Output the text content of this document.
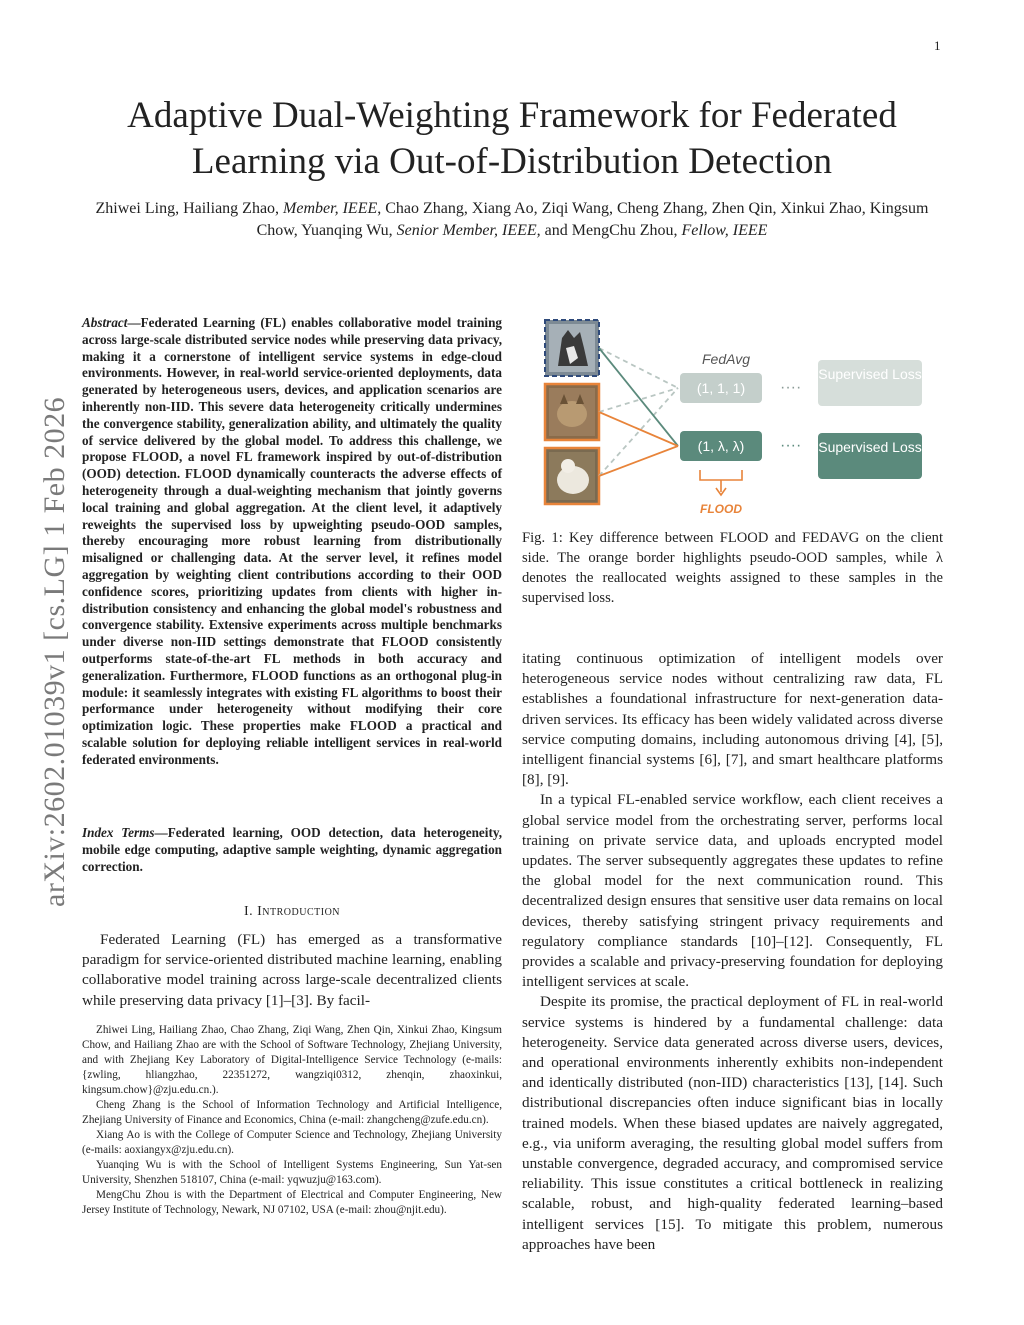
1
arXiv:2602.01039v1 [cs.LG] 1 Feb 2026
Adaptive Dual-Weighting Framework for Federated Learning via Out-of-Distribution Detection
Zhiwei Ling, Hailiang Zhao, Member, IEEE, Chao Zhang, Xiang Ao, Ziqi Wang, Cheng Zhang, Zhen Qin, Xinkui Zhao, Kingsum Chow, Yuanqing Wu, Senior Member, IEEE, and MengChu Zhou, Fellow, IEEE
Abstract—Federated Learning (FL) enables collaborative model training across large-scale distributed service nodes while preserving data privacy, making it a cornerstone of intelligent service systems in edge-cloud environments. However, in real-world service-oriented deployments, data generated by heterogeneous users, devices, and application scenarios are inherently non-IID. This severe data heterogeneity critically undermines the convergence stability, generalization ability, and ultimately the quality of service delivered by the global model. To address this challenge, we propose FLOOD, a novel FL framework inspired by out-of-distribution (OOD) detection. FLOOD dynamically counteracts the adverse effects of heterogeneity through a dual-weighting mechanism that jointly governs local training and global aggregation. At the client level, it adaptively reweights the supervised loss by upweighting pseudo-OOD samples, thereby encouraging more robust learning from distributionally misaligned or challenging data. At the server level, it refines model aggregation by weighting client contributions according to their OOD confidence scores, prioritizing updates from clients with higher in-distribution consistency and enhancing the global model's robustness and convergence stability. Extensive experiments across multiple benchmarks under diverse non-IID settings demonstrate that FLOOD consistently outperforms state-of-the-art FL methods in both accuracy and generalization. Furthermore, FLOOD functions as an orthogonal plug-in module: it seamlessly integrates with existing FL algorithms to boost their performance under heterogeneity without modifying their core optimization logic. These properties make FLOOD a practical and scalable solution for deploying reliable intelligent services in real-world federated environments.
Index Terms—Federated learning, OOD detection, data heterogeneity, mobile edge computing, adaptive sample weighting, dynamic aggregation correction.
I. Introduction

Federated Learning (FL) has emerged as a transformative paradigm for service-oriented distributed machine learning, enabling collaborative model training across large-scale decentralized clients while preserving data privacy [1]–[3]. By facil-

Zhiwei Ling, Hailiang Zhao, Chao Zhang, Ziqi Wang, Zhen Qin, Xinkui Zhao, Kingsum Chow, and Hailiang Zhao are with the School of Software Technology, Zhejiang University, and with Zhejiang Key Laboratory of Digital-Intelligence Service Technology (e-mails: {zwling, hliangzhao, 22351272, wangziqi0312, zhenqin, zhaoxinkui, kingsum.chow}@zju.edu.cn.).

Cheng Zhang is the School of Information Technology and Artificial Intelligence, Zhejiang University of Finance and Economics, China (e-mail: zhangcheng@zufe.edu.cn).

Xiang Ao is with the College of Computer Science and Technology, Zhejiang University (e-mails: aoxiangyx@zju.edu.cn).

Yuanqing Wu is with the School of Intelligent Systems Engineering, Sun Yat-sen University, Shenzhen 518107, China (e-mail: yqwuzju@163.com).

MengChu Zhou is with the Department of Electrical and Computer Engineering, New Jersey Institute of Technology, Newark, NJ 07102, USA (e-mail: zhou@njit.edu).

FedAvg
(1, 1, 1)
(1, λ, λ)
····
····
Supervised Loss
Supervised Loss
FLOOD
Fig. 1: Key difference between FLOOD and FEDAVG on the client side. The orange border highlights pseudo-OOD samples, while λ denotes the reallocated weights assigned to these samples in the supervised loss.

itating continuous optimization of intelligent models over heterogeneous service nodes without centralizing raw data, FL establishes a foundational infrastructure for next-generation data-driven services. Its efficacy has been widely validated across diverse service computing domains, including autonomous driving [4], [5], intelligent financial systems [6], [7], and smart healthcare platforms [8], [9].

In a typical FL-enabled service workflow, each client receives a global service model from the orchestrating server, performs local training on private service data, and uploads encrypted model updates. The server subsequently aggregates these updates to refine the global model for the next communication round. This decentralized design ensures that sensitive user data remains on local devices, thereby satisfying stringent privacy requirements and regulatory compliance standards [10]–[12]. Consequently, FL provides a scalable and privacy-preserving foundation for deploying intelligent services at scale.

Despite its promise, the practical deployment of FL in real-world service systems is hindered by a fundamental challenge: data heterogeneity. Service data generated across diverse users, devices, and operational environments inherently exhibits non-independent and identically distributed (non-IID) characteristics [13], [14]. Such distributional discrepancies often induce significant bias in locally trained models. When these biased updates are naively aggregated, e.g., via uniform averaging, the resulting global model suffers from unstable convergence, degraded accuracy, and compromised service reliability. This issue constitutes a critical bottleneck in realizing scalable, robust, and high-quality federated learning–based intelligent services [15]. To mitigate this problem, numerous approaches have been
